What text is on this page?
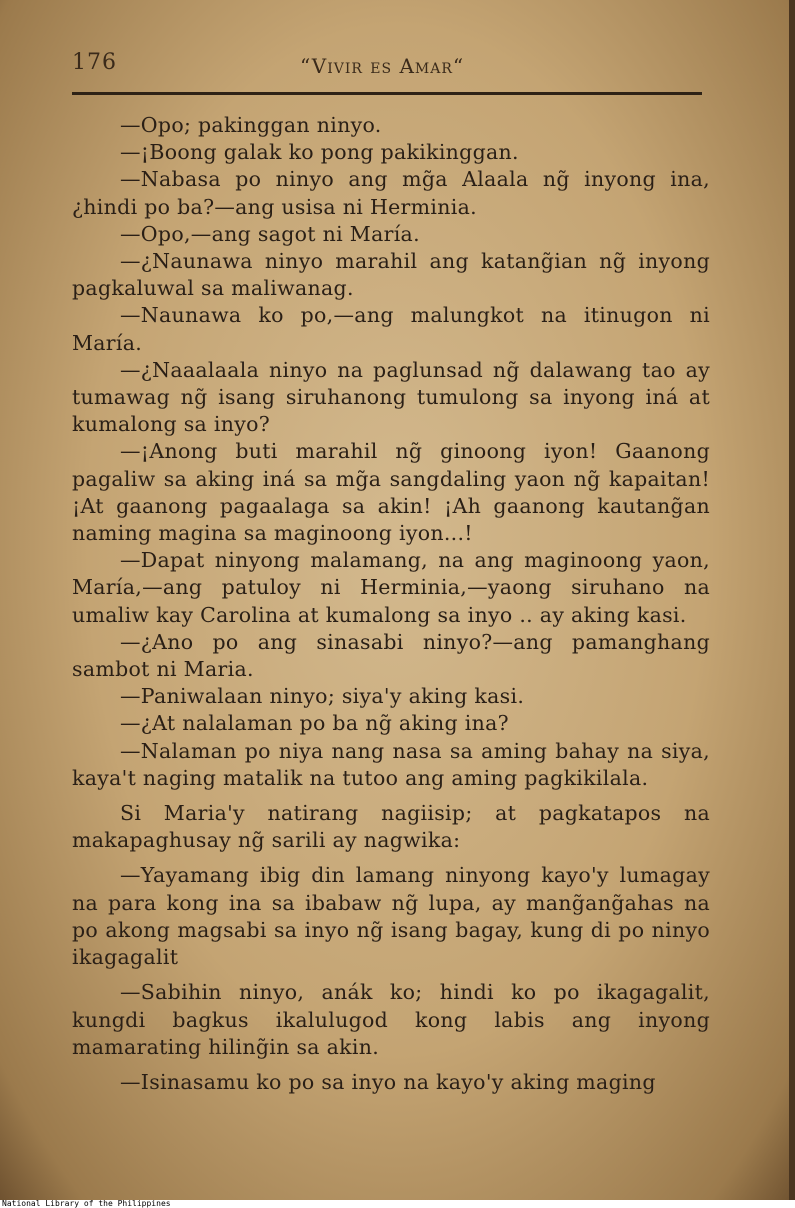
176	“Vivir es Amar“

—Opo; pakinggan ninyo.

—¡Boong galak ko pong pakikinggan.

—Nabasa po ninyo ang mg̃a Alaala ng̃ inyong ina, ¿hindi po ba?—ang usisa ni Herminia.

—Opo,—ang sagot ni María.

—¿Naunawa ninyo marahil ang katang̃ian ng̃ inyong pagkaluwal sa maliwanag.

—Naunawa ko po,—ang malungkot na itinugon ni María.

—¿Naaalaala ninyo na paglunsad ng̃ dalawang tao ay tumawag ng̃ isang siruhanong tumulong sa inyong iná at kumalong sa inyo?

—¡Anong buti marahil ng̃ ginoong iyon! Gaanong pagaliw sa aking iná sa mg̃a sangdaling yaon ng̃ kapaitan! ¡At gaanong pagaalaga sa akin! ¡Ah gaanong kautang̃an naming magina sa maginoong iyon...!

—Dapat ninyong malamang, na ang maginoong yaon, María,—ang patuloy ni Herminia,—yaong siruhano na umaliw kay Carolina at kumalong sa inyo .. ay aking kasi.

—¿Ano po ang sinasabi ninyo?—ang pamanghang sambot ni Maria.

—Paniwalaan ninyo; siya'y aking kasi.

—¿At nalalaman po ba ng̃ aking ina?

—Nalaman po niya nang nasa sa aming bahay na siya, kaya't naging matalik na tutoo ang aming pagkikilala.

Si Maria'y natirang nagiisip; at pagkatapos na makapaghusay ng̃ sarili ay nagwika:

—Yayamang ibig din lamang ninyong kayo'y lumagay na para kong ina sa ibabaw ng̃ lupa, ay mang̃ang̃ahas na po akong magsabi sa inyo ng̃ isang bagay, kung di po ninyo ikagagalit

—Sabihin ninyo, anák ko; hindi ko po ikagagalit, kungdi bagkus ikalulugod kong labis ang inyong mamarating hiling̃in sa akin.

—Isinasamu ko po sa inyo na kayo'y aking maging

National Library of the Philippines
